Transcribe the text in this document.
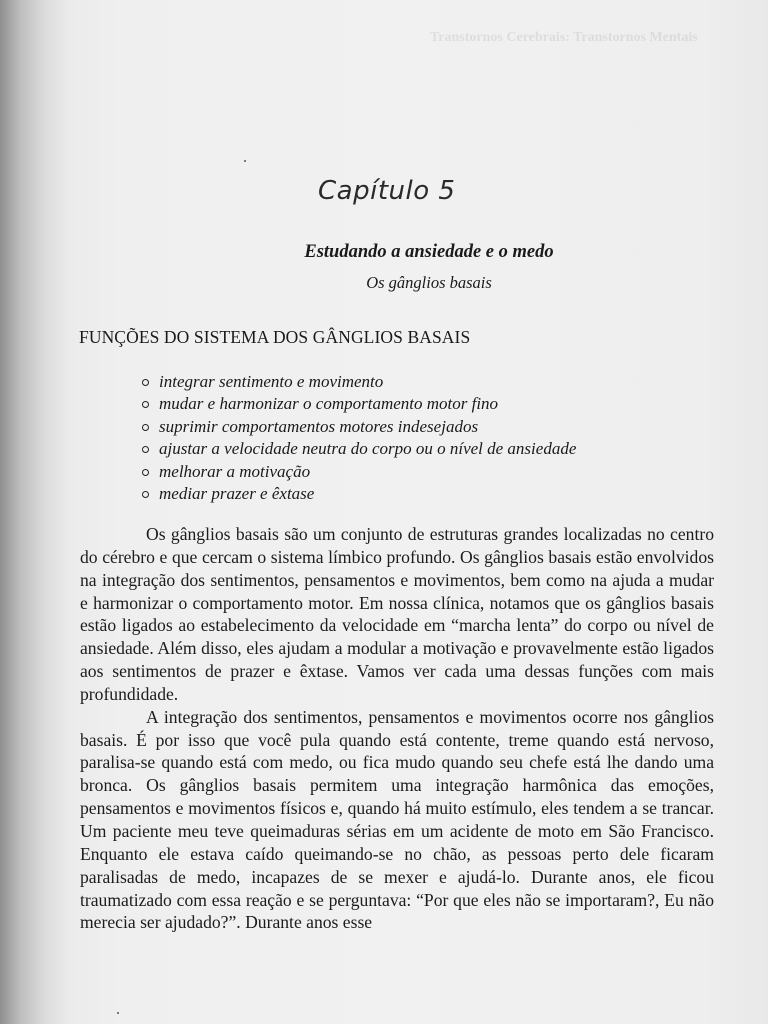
Transtornos Cerebrais: Transtornos Mentais
Capítulo 5
Estudando a ansiedade e o medo
Os gânglios basais
FUNÇÕES DO SISTEMA DOS GÂNGLIOS BASAIS
integrar sentimento e movimento
mudar e harmonizar o comportamento motor fino
suprimir comportamentos motores indesejados
ajustar a velocidade neutra do corpo ou o nível de ansiedade
melhorar a motivação
mediar prazer e êxtase

Os gânglios basais são um conjunto de estruturas grandes localizadas no centro do cérebro e que cercam o sistema límbico profundo. Os gânglios basais estão envolvidos na integração dos sentimentos, pensamentos e movimentos, bem como na ajuda a mudar e harmonizar o comportamento motor. Em nossa clínica, notamos que os gânglios basais estão ligados ao estabelecimento da velocidade em “marcha lenta” do corpo ou nível de ansiedade. Além disso, eles ajudam a modular a motivação e provavelmente estão ligados aos sentimentos de prazer e êxtase. Vamos ver cada uma dessas funções com mais profundidade.

A integração dos sentimentos, pensamentos e movimentos ocorre nos gânglios basais. É por isso que você pula quando está contente, treme quando está nervoso, paralisa-se quando está com medo, ou fica mudo quando seu chefe está lhe dando uma bronca. Os gânglios basais permitem uma integração harmônica das emoções, pensamentos e movimentos físicos e, quando há muito estímulo, eles tendem a se trancar. Um paciente meu teve queimaduras sérias em um acidente de moto em São Francisco. Enquanto ele estava caído queimando-se no chão, as pessoas perto dele ficaram paralisadas de medo, incapazes de se mexer e ajudá-lo. Durante anos, ele ficou traumatizado com essa reação e se perguntava: “Por que eles não se importaram?, Eu não merecia ser ajudado?”. Durante anos esse
